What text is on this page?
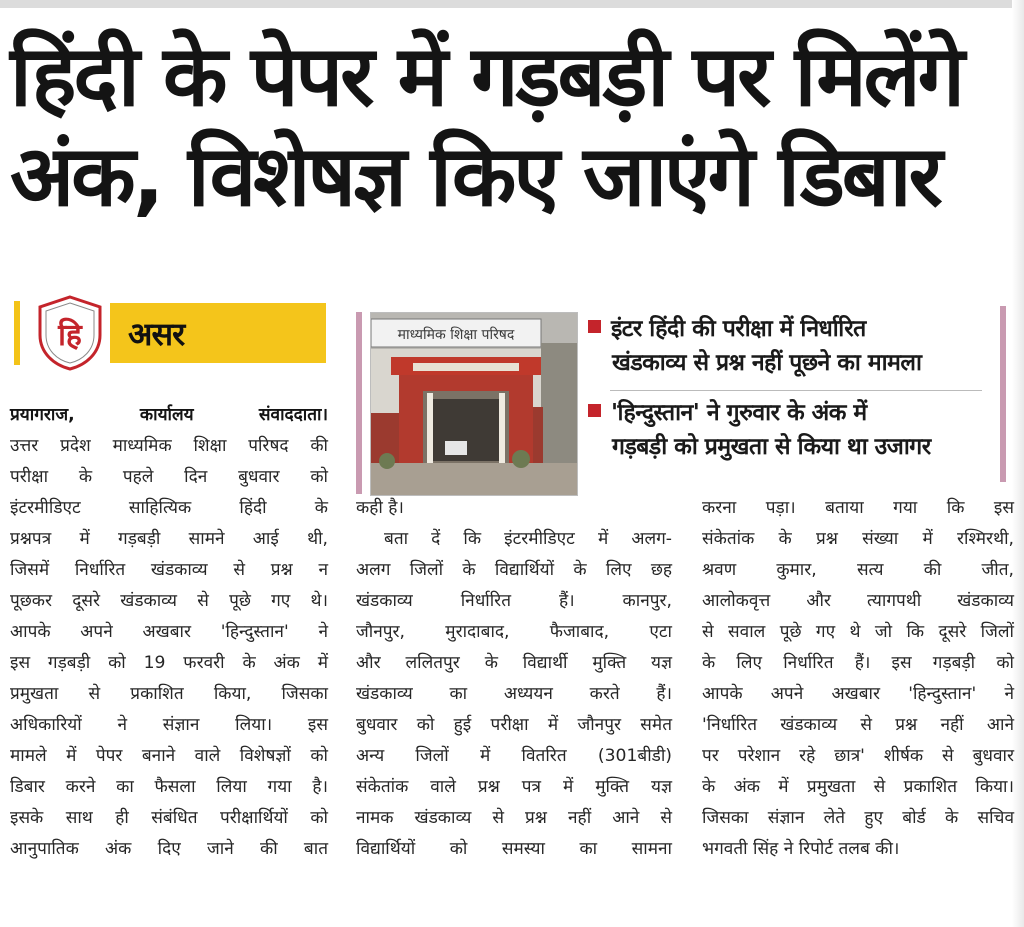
हिंदी के पेपर में गड़बड़ी पर मिलेंगे
अंक, विशेषज्ञ किए जाएंगे डिबार
हि	असर	माध्यमिक शिक्षा परिषद	इंटर हिंदी की परीक्षा में निर्धारित
खंडकाव्य से प्रश्न नहीं पूछने का मामला
'हिन्दुस्तान' ने गुरुवार के अंक में
गड़बड़ी को प्रमुखता से किया था उजागर
प्रयागराज, कार्यालय संवाददाता।
उत्तर प्रदेश माध्यमिक शिक्षा परिषद की
परीक्षा के पहले दिन बुधवार को
इंटरमीडिएट साहित्यिक हिंदी के
प्रश्नपत्र में गड़बड़ी सामने आई थी,
जिसमें निर्धारित खंडकाव्य से प्रश्न न
पूछकर दूसरे खंडकाव्य से पूछे गए थे।
आपके अपने अखबार 'हिन्दुस्तान' ने
इस गड़बड़ी को 19 फरवरी के अंक में
प्रमुखता से प्रकाशित किया, जिसका
अधिकारियों ने संज्ञान लिया। इस
मामले में पेपर बनाने वाले विशेषज्ञों को
डिबार करने का फैसला लिया गया है।
इसके साथ ही संबंधित परीक्षार्थियों को
आनुपातिक अंक दिए जाने की बात
कही है।
बता दें कि इंटरमीडिएट में अलग-
अलग जिलों के विद्यार्थियों के लिए छह
खंडकाव्य निर्धारित हैं। कानपुर,
जौनपुर, मुरादाबाद, फैजाबाद, एटा
और ललितपुर के विद्यार्थी मुक्ति यज्ञ
खंडकाव्य का अध्ययन करते हैं।
बुधवार को हुई परीक्षा में जौनपुर समेत
अन्य जिलों में वितरित (301बीडी)
संकेतांक वाले प्रश्न पत्र में मुक्ति यज्ञ
नामक खंडकाव्य से प्रश्न नहीं आने से
विद्यार्थियों को समस्या का सामना
करना पड़ा। बताया गया कि इस
संकेतांक के प्रश्न संख्या में रश्मिरथी,
श्रवण कुमार, सत्य की जीत,
आलोकवृत्त और त्यागपथी खंडकाव्य
से सवाल पूछे गए थे जो कि दूसरे जिलों
के लिए निर्धारित हैं। इस गड़बड़ी को
आपके अपने अखबार 'हिन्दुस्तान' ने
'निर्धारित खंडकाव्य से प्रश्न नहीं आने
पर परेशान रहे छात्र' शीर्षक से बुधवार
के अंक में प्रमुखता से प्रकाशित किया।
जिसका संज्ञान लेते हुए बोर्ड के सचिव
भगवती सिंह ने रिपोर्ट तलब की।
